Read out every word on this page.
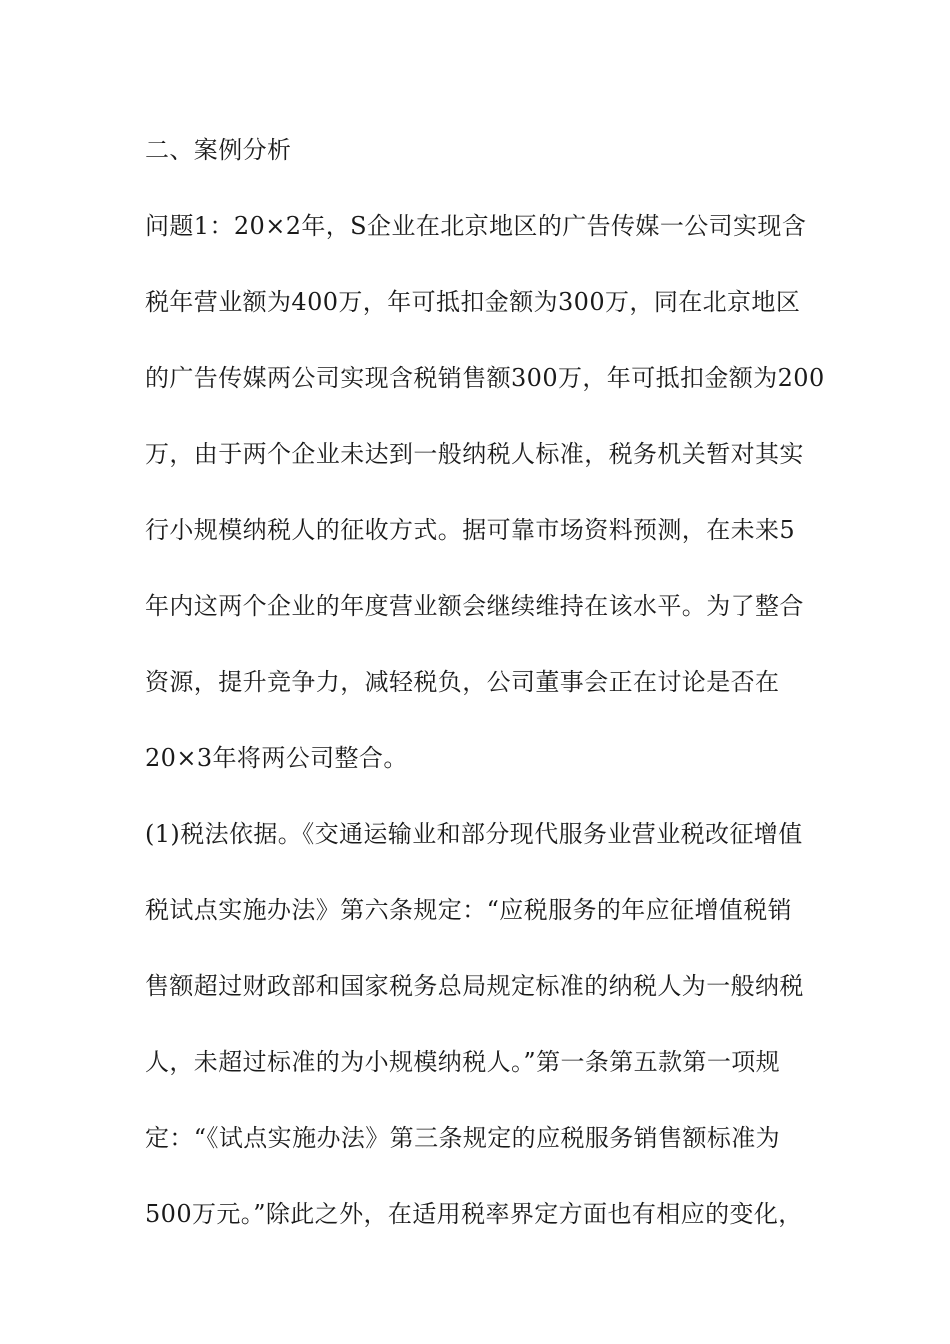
二、案例分析
问题1：20×2年，S企业在北京地区的广告传媒一公司实现含
税年营业额为400万，年可抵扣金额为300万，同在北京地区
的广告传媒两公司实现含税销售额300万，年可抵扣金额为200
万，由于两个企业未达到一般纳税人标准，税务机关暂对其实
行小规模纳税人的征收方式。据可靠市场资料预测，在未来5
年内这两个企业的年度营业额会继续维持在该水平。为了整合
资源，提升竞争力，减轻税负，公司董事会正在讨论是否在
20×3年将两公司整合。
(1)税法依据。《交通运输业和部分现代服务业营业税改征增值
税试点实施办法》第六条规定：“应税服务的年应征增值税销
售额超过财政部和国家税务总局规定标准的纳税人为一般纳税
人，未超过标准的为小规模纳税人。”第一条第五款第一项规
定：“《试点实施办法》第三条规定的应税服务销售额标准为
500万元。”除此之外，在适用税率界定方面也有相应的变化，
